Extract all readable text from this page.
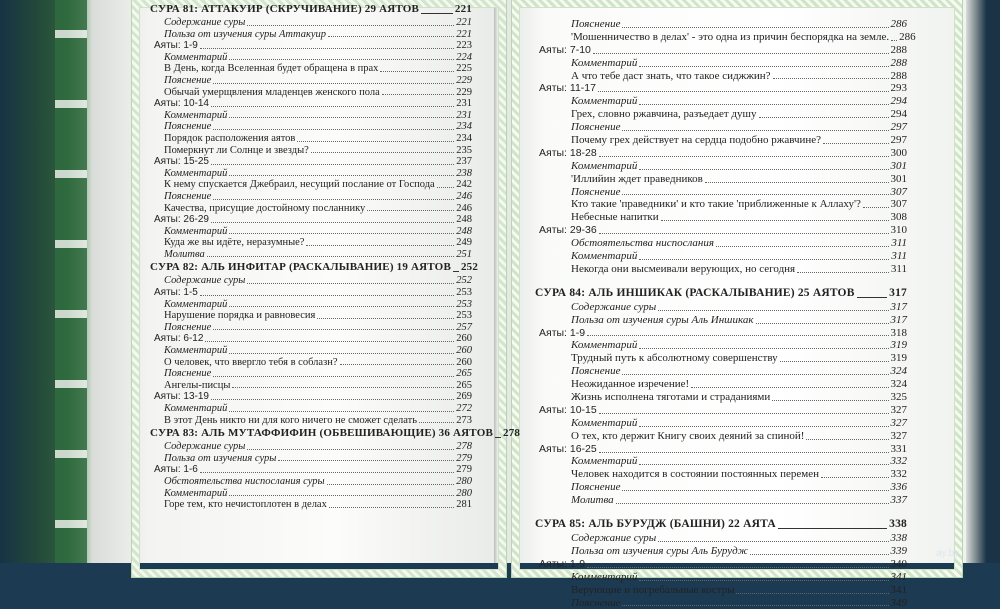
СУРА 81: АТТАКУИР (СКРУЧИВАНИЕ) 29 АЯТОВ	221
Содержание суры	221
Польза от изучения суры Аттакуир	221
Аяты: 1-9	223
Комментарий	224
В День, когда Вселенная будет обращена в прах	225
Пояснение	229
Обычай умерщвления младенцев женского пола	229
Аяты: 10-14	231
Комментарий	231
Пояснение	234
Порядок расположения аятов	234
Померкнут ли Солнце и звезды?	235
Аяты: 15-25	237
Комментарий	238
К нему спускается Джебраил, несущий послание от Господа 242
Пояснение	246
Качества, присущие достойному посланнику	246
Аяты: 26-29	248
Комментарий	248
Куда же вы идёте, неразумные?	249
Молитва	251
СУРА 82: АЛЬ ИНФИТАР (РАСКАЛЫВАНИЕ) 19 АЯТОВ 252
Содержание суры	252
Аяты: 1-5	253
Комментарий	253
Нарушение порядка и равновесия	253
Пояснение	257
Аяты: 6-12	260
Комментарий	260
О человек, что ввергло тебя в соблазн?	260
Пояснение	265
Ангелы-писцы	265
Аяты: 13-19	269
Комментарий	272
В этот День никто ни для кого ничего не сможет сделать	273
СУРА 83: АЛЬ МУТАФФИФИН (ОБВЕШИВАЮЩИЕ) 36 АЯТОВ 278
Содержание суры	278
Польза от изучения суры	279
Аяты: 1-6	279
Обстоятельства ниспослания суры	280
Комментарий	280
Горе тем, кто нечистоплотен в делах	281
Пояснение	286
'Мошенничество в делах' - это одна из причин беспорядка на земле. 286
Аяты: 7-10	288
Комментарий	288
А что тебе даст знать, что такое сиджжин?	288
Аяты: 11-17	293
Комментарий	294
Грех, словно ржавчина, разъедает душу	294
Пояснение	297
Почему грех действует на сердца подобно ржавчине?	297
Аяты: 18-28	300
Комментарий	301
'Иллийин ждет праведников	301
Пояснение	307
Кто такие 'праведники' и кто такие 'приближенные к Аллаху'?	307
Небесные напитки	308
Аяты: 29-36	310
Обстоятельства ниспослания	311
Комментарий	311
Некогда они высмеивали верующих, но сегодня	311
СУРА 84: АЛЬ ИНШИКАК (РАСКАЛЫВАНИЕ) 25 АЯТОВ	317
Содержание суры	317
Польза от изучения суры Аль Иншикак	317
Аяты: 1-9	318
Комментарий	319
Трудный путь к абсолютному совершенству	319
Пояснение	324
Неожиданное изречение!	324
Жизнь исполнена тяготами и страданиями	325
Аяты: 10-15	327
Комментарий	327
О тех, кто держит Книгу своих деяний за спиной!	327
Аяты: 16-25	331
Комментарий	332
Человек находится в состоянии постоянных перемен	332
Пояснение	336
Молитва	337
СУРА 85: АЛЬ БУРУДЖ (БАШНИ) 22 АЯТА	338
Содержание суры	338
Польза от изучения суры Аль Бурудж	339
Аяты: 1-9	340
Комментарий	341
Верующие и погребальные костры	341
Пояснение	349
ay.by
